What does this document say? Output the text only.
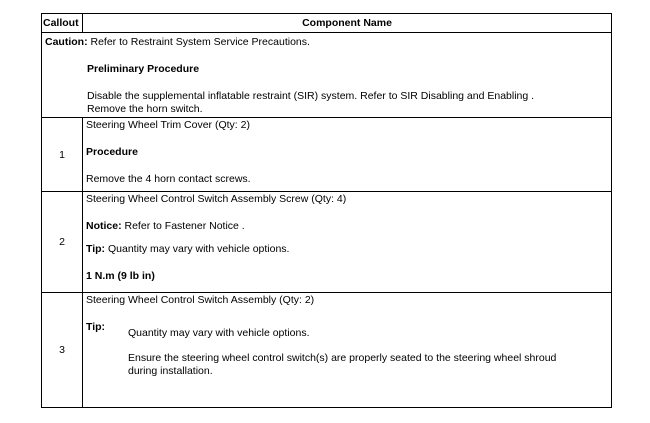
Callout	Component Name

Caution: Refer to Restraint System Service Precautions.

Preliminary Procedure

Disable the supplemental inflatable restraint (SIR) system. Refer to SIR Disabling and Enabling .

Remove the horn switch.

1

Steering Wheel Trim Cover (Qty: 2)

Procedure

Remove the 4 horn contact screws.

2

Steering Wheel Control Switch Assembly Screw (Qty: 4)

Notice: Refer to Fastener Notice .

Tip: Quantity may vary with vehicle options.

1 N.m (9 lb in)

3

Steering Wheel Control Switch Assembly (Qty: 2)

Tip:	Quantity may vary with vehicle options.

Ensure the steering wheel control switch(s) are properly seated to the steering wheel shroud

during installation.
